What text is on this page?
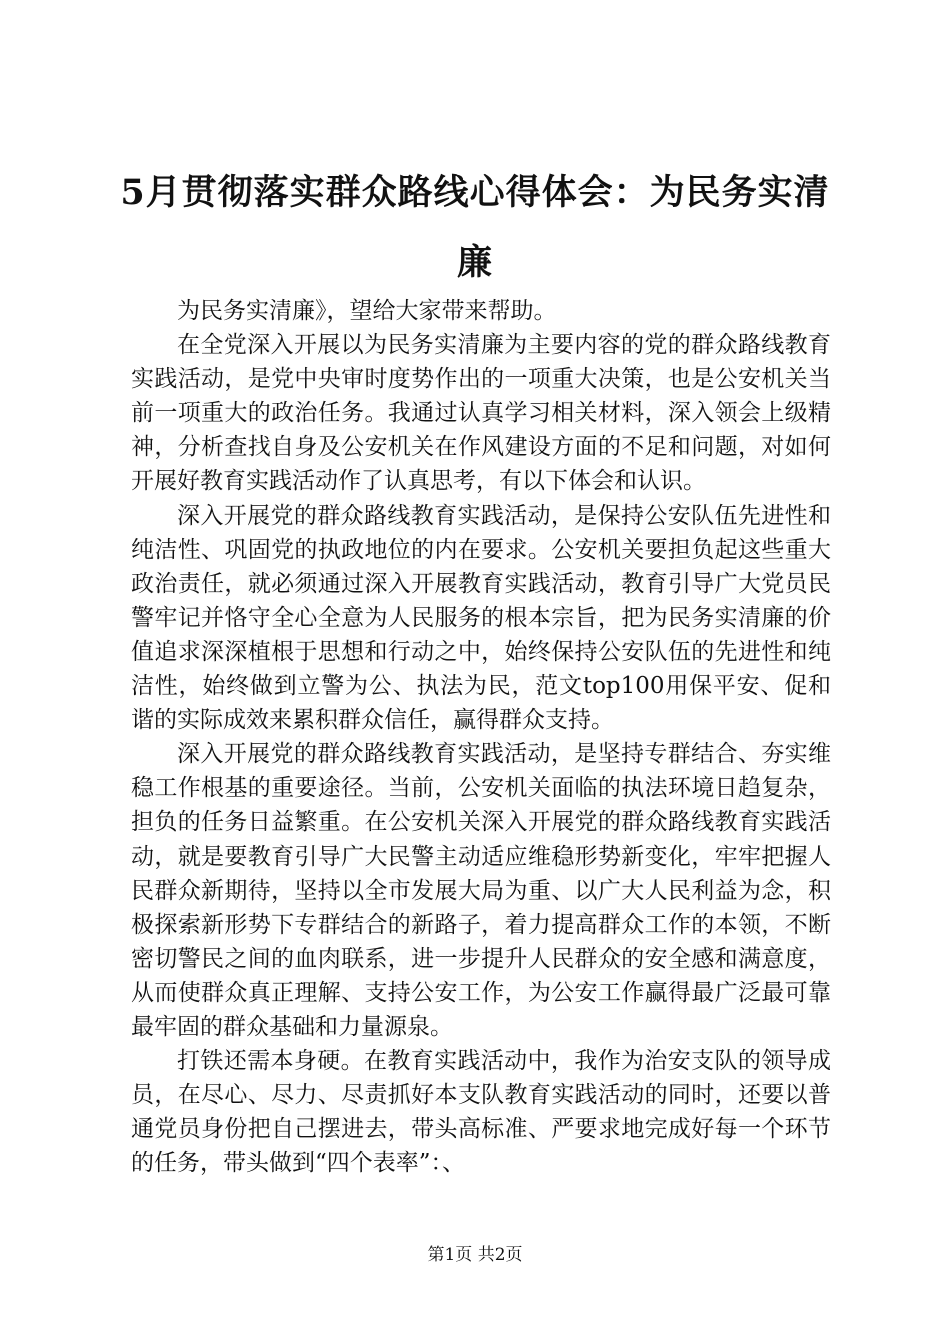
5月贯彻落实群众路线心得体会：为民务实清廉

为民务实清廉》，望给大家带来帮助。

在全党深入开展以为民务实清廉为主要内容的党的群众路线教育实践活动，是党中央审时度势作出的一项重大决策，也是公安机关当前一项重大的政治任务。我通过认真学习相关材料，深入领会上级精神，分析查找自身及公安机关在作风建设方面的不足和问题，对如何开展好教育实践活动作了认真思考，有以下体会和认识。

深入开展党的群众路线教育实践活动，是保持公安队伍先进性和纯洁性、巩固党的执政地位的内在要求。公安机关要担负起这些重大政治责任，就必须通过深入开展教育实践活动，教育引导广大党员民警牢记并恪守全心全意为人民服务的根本宗旨，把为民务实清廉的价值追求深深植根于思想和行动之中，始终保持公安队伍的先进性和纯洁性，始终做到立警为公、执法为民，范文top100用保平安、促和谐的实际成效来累积群众信任，赢得群众支持。

深入开展党的群众路线教育实践活动，是坚持专群结合、夯实维稳工作根基的重要途径。当前，公安机关面临的执法环境日趋复杂，担负的任务日益繁重。在公安机关深入开展党的群众路线教育实践活动，就是要教育引导广大民警主动适应维稳形势新变化，牢牢把握人民群众新期待，坚持以全市发展大局为重、以广大人民利益为念，积极探索新形势下专群结合的新路子，着力提高群众工作的本领，不断密切警民之间的血肉联系，进一步提升人民群众的安全感和满意度，从而使群众真正理解、支持公安工作，为公安工作赢得最广泛最可靠最牢固的群众基础和力量源泉。

打铁还需本身硬。在教育实践活动中，我作为治安支队的领导成员，在尽心、尽力、尽责抓好本支队教育实践活动的同时，还要以普通党员身份把自己摆进去，带头高标准、严要求地完成好每一个环节的任务，带头做到“四个表率”：、

第1页 共2页
